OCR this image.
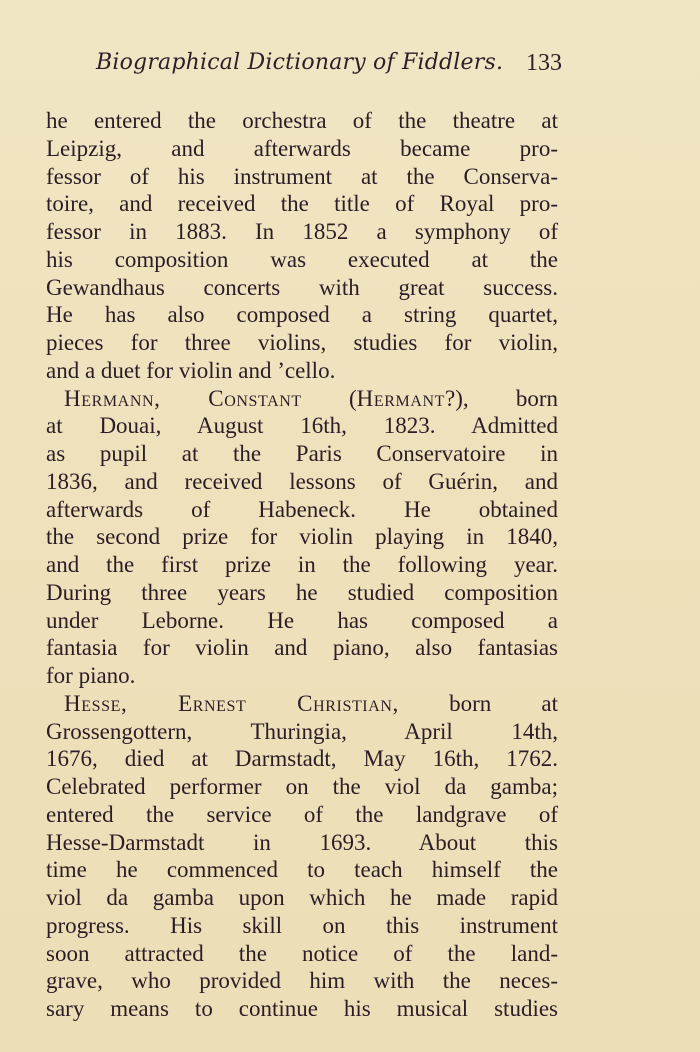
Biographical Dictionary of Fiddlers. 133
he entered the orchestra of the theatre at
Leipzig, and afterwards became pro-
fessor of his instrument at the Conserva-
toire, and received the title of Royal pro-
fessor in 1883. In 1852 a symphony of
his composition was executed at the
Gewandhaus concerts with great success.
He has also composed a string quartet,
pieces for three violins, studies for violin,
and a duet for violin and ’cello.
Hermann, Constant (Hermant?), born
at Douai, August 16th, 1823. Admitted
as pupil at the Paris Conservatoire in
1836, and received lessons of Guérin, and
afterwards of Habeneck. He obtained
the second prize for violin playing in 1840,
and the first prize in the following year.
During three years he studied composition
under Leborne. He has composed a
fantasia for violin and piano, also fantasias
for piano.
Hesse, Ernest Christian, born at
Grossengottern, Thuringia, April 14th,
1676, died at Darmstadt, May 16th, 1762.
Celebrated performer on the viol da gamba;
entered the service of the landgrave of
Hesse-Darmstadt in 1693. About this
time he commenced to teach himself the
viol da gamba upon which he made rapid
progress. His skill on this instrument
soon attracted the notice of the land-
grave, who provided him with the neces-
sary means to continue his musical studies
